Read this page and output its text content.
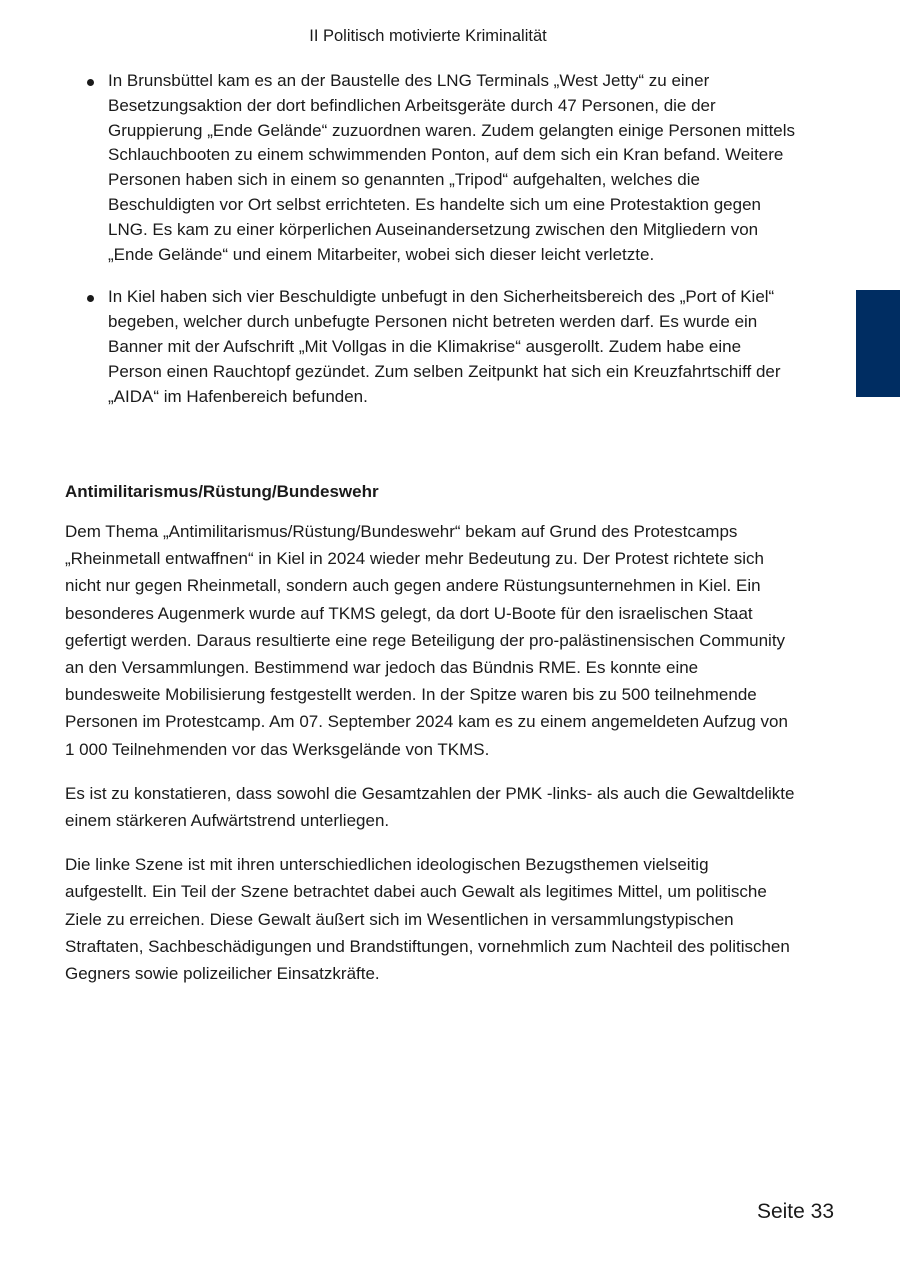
II Politisch motivierte Kriminalität
In Brunsbüttel kam es an der Baustelle des LNG Terminals „West Jetty“ zu einer Besetzungsaktion der dort befindlichen Arbeitsgeräte durch 47 Personen, die der Gruppierung „Ende Gelände“ zuzuordnen waren. Zudem gelangten einige Personen mittels Schlauchbooten zu einem schwimmenden Ponton, auf dem sich ein Kran befand. Weitere Personen haben sich in einem so genannten „Tripod“ aufgehalten, welches die Beschuldigten vor Ort selbst errichteten. Es handelte sich um eine Protestaktion gegen LNG. Es kam zu einer körperlichen Auseinandersetzung zwischen den Mitgliedern von „Ende Gelände“ und einem Mitarbeiter, wobei sich dieser leicht verletzte.
In Kiel haben sich vier Beschuldigte unbefugt in den Sicherheitsbereich des „Port of Kiel“ begeben, welcher durch unbefugte Personen nicht betreten werden darf. Es wurde ein Banner mit der Aufschrift „Mit Vollgas in die Klimakrise“ ausgerollt. Zudem habe eine Person einen Rauchtopf gezündet. Zum selben Zeitpunkt hat sich ein Kreuzfahrtschiff der „AIDA“ im Hafenbereich befunden.
Antimilitarismus/Rüstung/Bundeswehr

Dem Thema „Antimilitarismus/Rüstung/Bundeswehr“ bekam auf Grund des Protestcamps „Rheinmetall entwaffnen“ in Kiel in 2024 wieder mehr Bedeutung zu. Der Protest richtete sich nicht nur gegen Rheinmetall, sondern auch gegen andere Rüstungsunternehmen in Kiel. Ein besonderes Augenmerk wurde auf TKMS gelegt, da dort U-Boote für den israelischen Staat gefertigt werden. Daraus resultierte eine rege Beteiligung der pro-palästinensischen Community an den Versammlungen. Bestimmend war jedoch das Bündnis RME. Es konnte eine bundesweite Mobilisierung festgestellt werden. In der Spitze waren bis zu 500 teilnehmende Personen im Protestcamp. Am 07. September 2024 kam es zu einem angemeldeten Aufzug von 1 000 Teilnehmenden vor das Werksgelände von TKMS.

Es ist zu konstatieren, dass sowohl die Gesamtzahlen der PMK -links- als auch die Gewaltdelikte einem stärkeren Aufwärtstrend unterliegen.

Die linke Szene ist mit ihren unterschiedlichen ideologischen Bezugsthemen vielseitig aufgestellt. Ein Teil der Szene betrachtet dabei auch Gewalt als legitimes Mittel, um politische Ziele zu erreichen. Diese Gewalt äußert sich im Wesentlichen in versammlungstypischen Straftaten, Sachbeschädigungen und Brandstiftungen, vornehmlich zum Nachteil des politischen Gegners sowie polizeilicher Einsatzkräfte.

Seite 33
